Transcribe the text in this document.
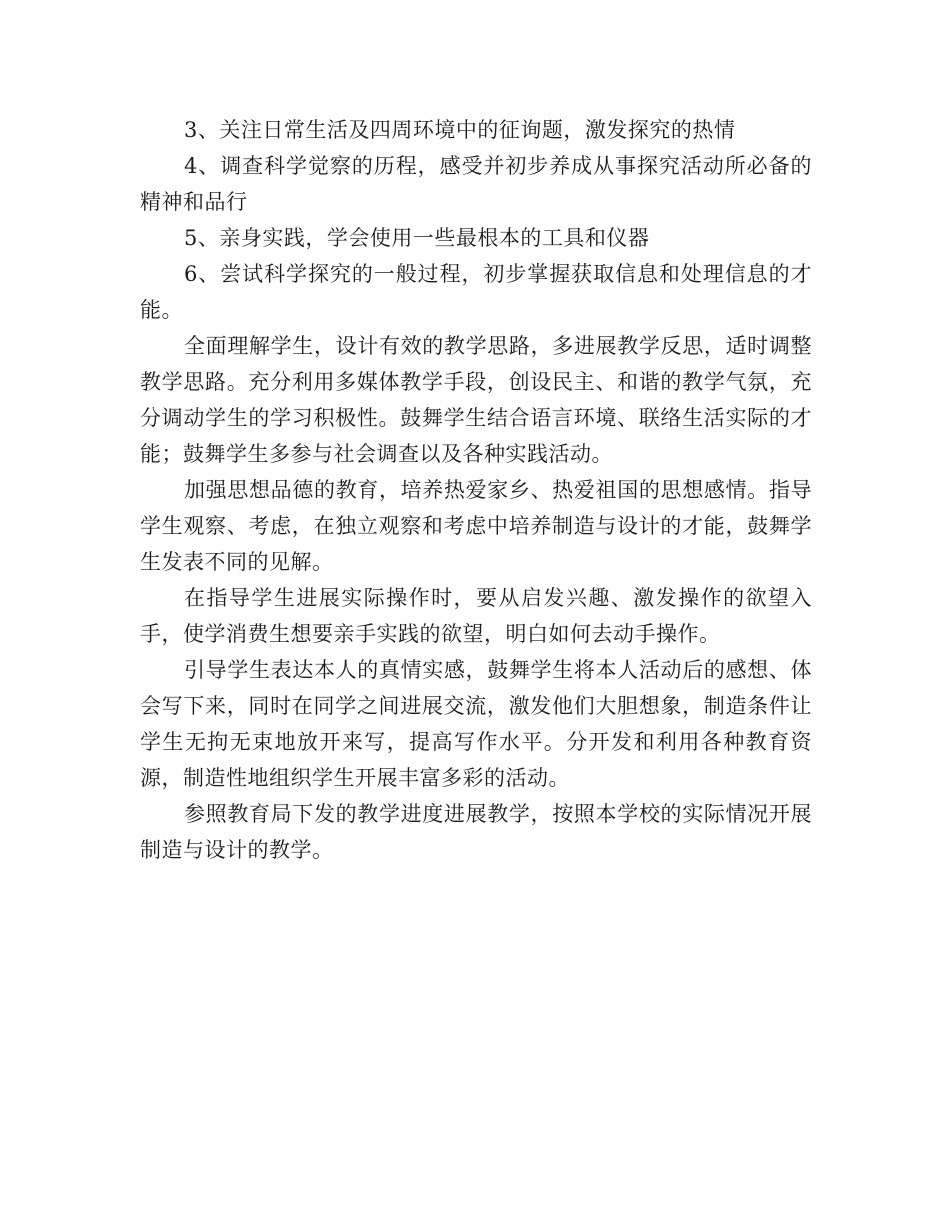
3、关注日常生活及四周环境中的征询题，激发探究的热情

4、调查科学觉察的历程，感受并初步养成从事探究活动所必备的精神和品行

5、亲身实践，学会使用一些最根本的工具和仪器

6、尝试科学探究的一般过程，初步掌握获取信息和处理信息的才能。

全面理解学生，设计有效的教学思路，多进展教学反思，适时调整教学思路。充分利用多媒体教学手段，创设民主、和谐的教学气氛，充分调动学生的学习积极性。鼓舞学生结合语言环境、联络生活实际的才能；鼓舞学生多参与社会调查以及各种实践活动。

加强思想品德的教育，培养热爱家乡、热爱祖国的思想感情。指导学生观察、考虑，在独立观察和考虑中培养制造与设计的才能，鼓舞学生发表不同的见解。

在指导学生进展实际操作时，要从启发兴趣、激发操作的欲望入手，使学消费生想要亲手实践的欲望，明白如何去动手操作。

引导学生表达本人的真情实感，鼓舞学生将本人活动后的感想、体会写下来，同时在同学之间进展交流，激发他们大胆想象，制造条件让学生无拘无束地放开来写，提高写作水平。分开发和利用各种教育资源，制造性地组织学生开展丰富多彩的活动。

参照教育局下发的教学进度进展教学，按照本学校的实际情况开展制造与设计的教学。
